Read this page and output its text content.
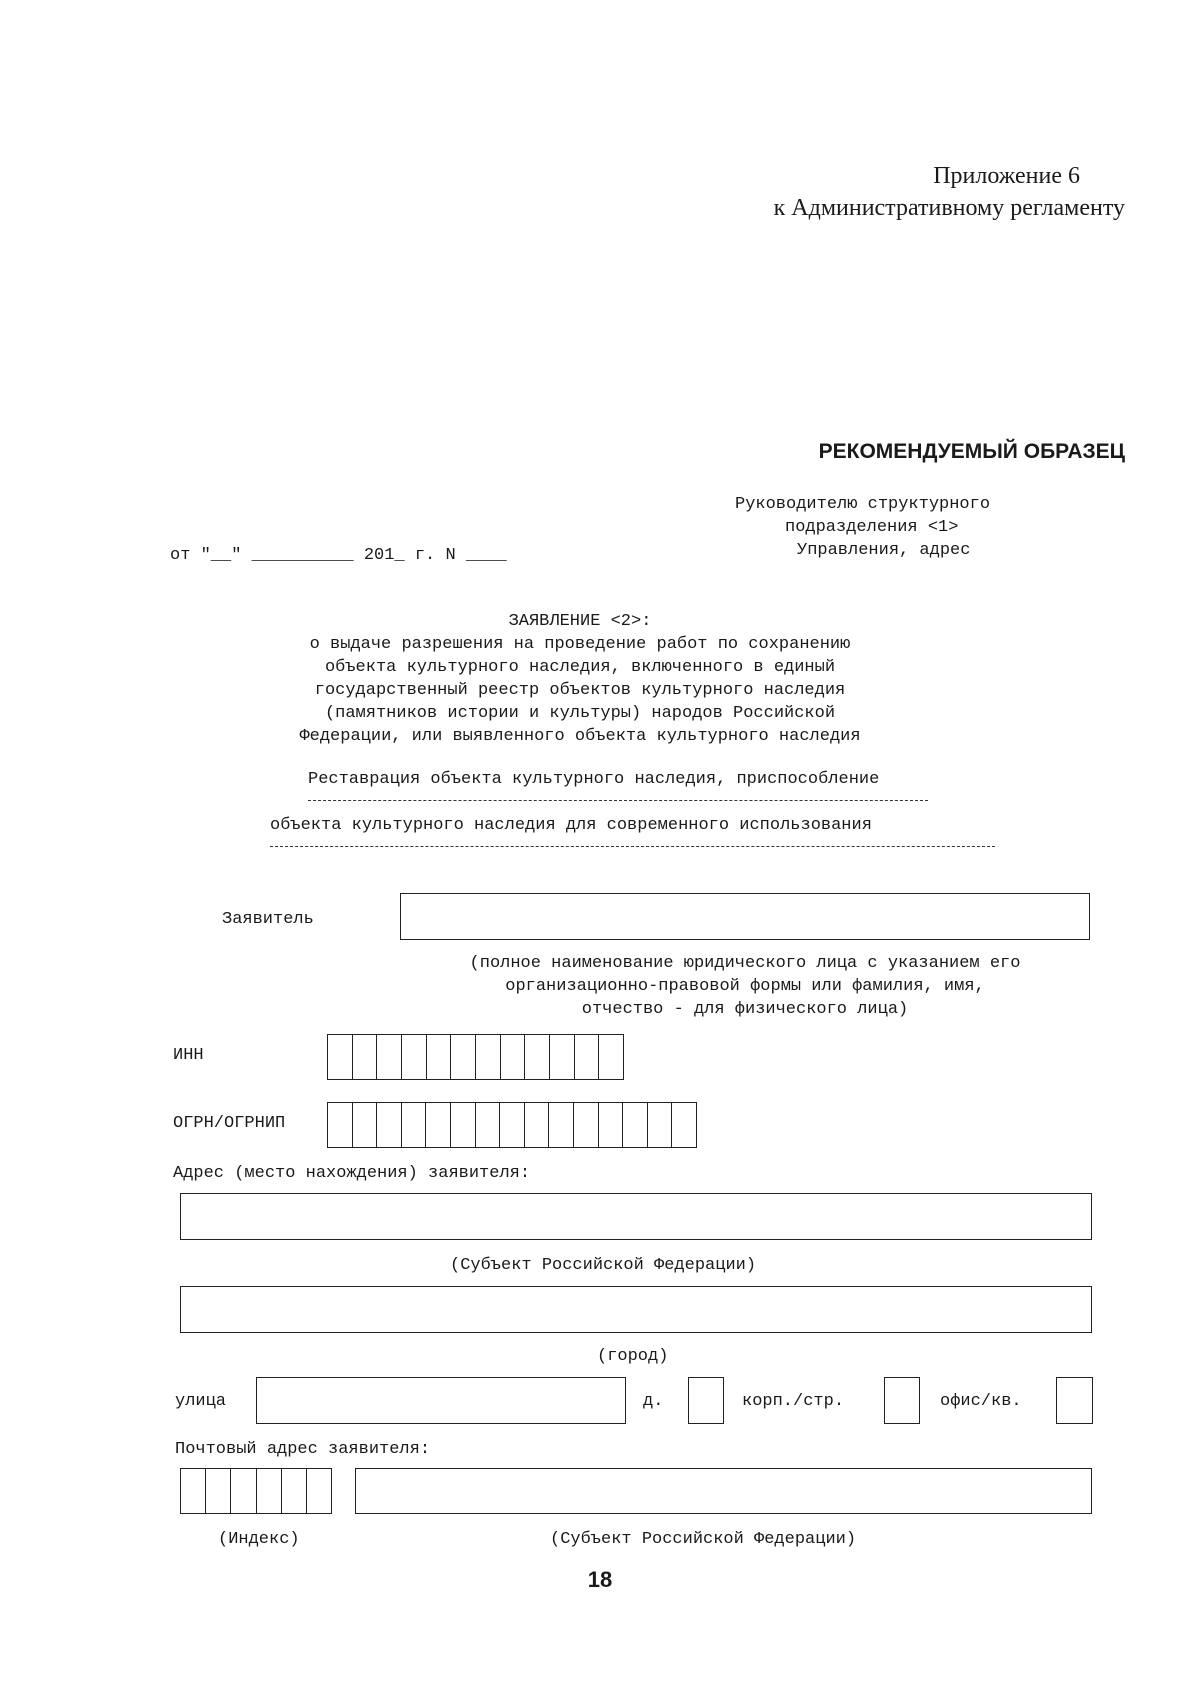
Приложение 6
к Административному регламенту
РЕКОМЕНДУЕМЫЙ ОБРАЗЕЦ
Руководителю структурного
подразделения <1>
Управления, адрес
от "__" __________ 201_ г. N ____
ЗАЯВЛЕНИЕ <2>:
о выдаче разрешения на проведение работ по сохранению
объекта культурного наследия, включенного в единый
государственный реестр объектов культурного наследия
(памятников истории и культуры) народов Российской
Федерации, или выявленного объекта культурного наследия
Реставрация объекта культурного наследия, приспособление
объекта культурного наследия для современного использования
Заявитель
(полное наименование юридического лица с указанием его
организационно-правовой формы или фамилия, имя,
отчество - для физического лица)
ИНН
ОГРН/ОГРНИП
Адрес (место нахождения) заявителя:
(Субъект Российской Федерации)
(город)
улица	д.	корп./стр.	офис/кв.
Почтовый адрес заявителя:
(Индекс)	(Субъект Российской Федерации)
18
